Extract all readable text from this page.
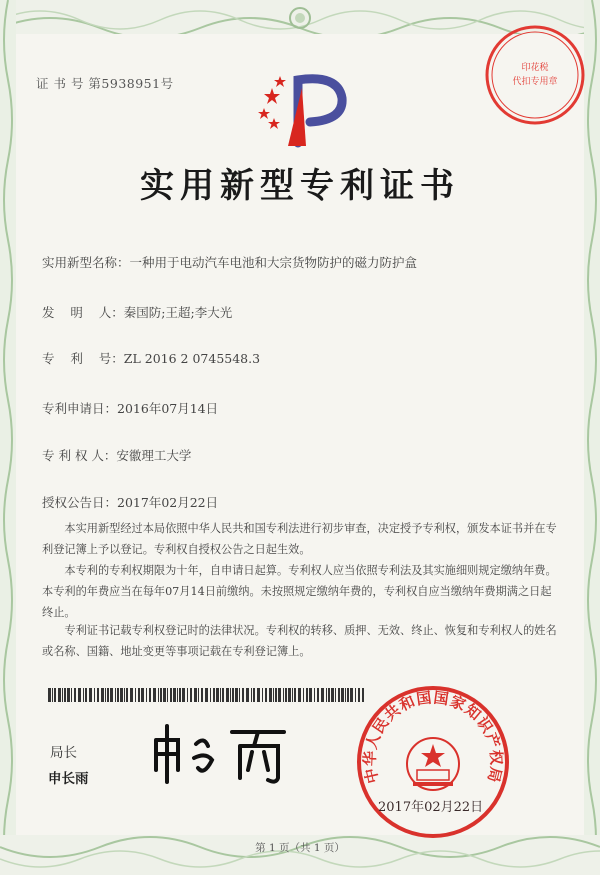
证 书 号 第5938951号
印花税
代扣专用章
实用新型专利证书
实用新型名称：一种用于电动汽车电池和大宗货物防护的磁力防护盒
发    明    人：秦国防;王超;李大光
专    利    号：ZL 2016 2 0745548.3
专利申请日：2016年07月14日
专 利 权 人：安徽理工大学
授权公告日：2017年02月22日
本实用新型经过本局依照中华人民共和国专利法进行初步审查，决定授予专利权，颁发本证书并在专利登记簿上予以登记。专利权自授权公告之日起生效。
本专利的专利权期限为十年，自申请日起算。专利权人应当依照专利法及其实施细则规定缴纳年费。本专利的年费应当在每年07月14日前缴纳。未按照规定缴纳年费的，专利权自应当缴纳年费期满之日起终止。
专利证书记载专利权登记时的法律状况。专利权的转移、质押、无效、终止、恢复和专利权人的姓名或名称、国籍、地址变更等事项记载在专利登记簿上。
局长
申长雨	中华人民共和国国家知识产权局
2017年02月22日
第 1 页（共 1 页）
